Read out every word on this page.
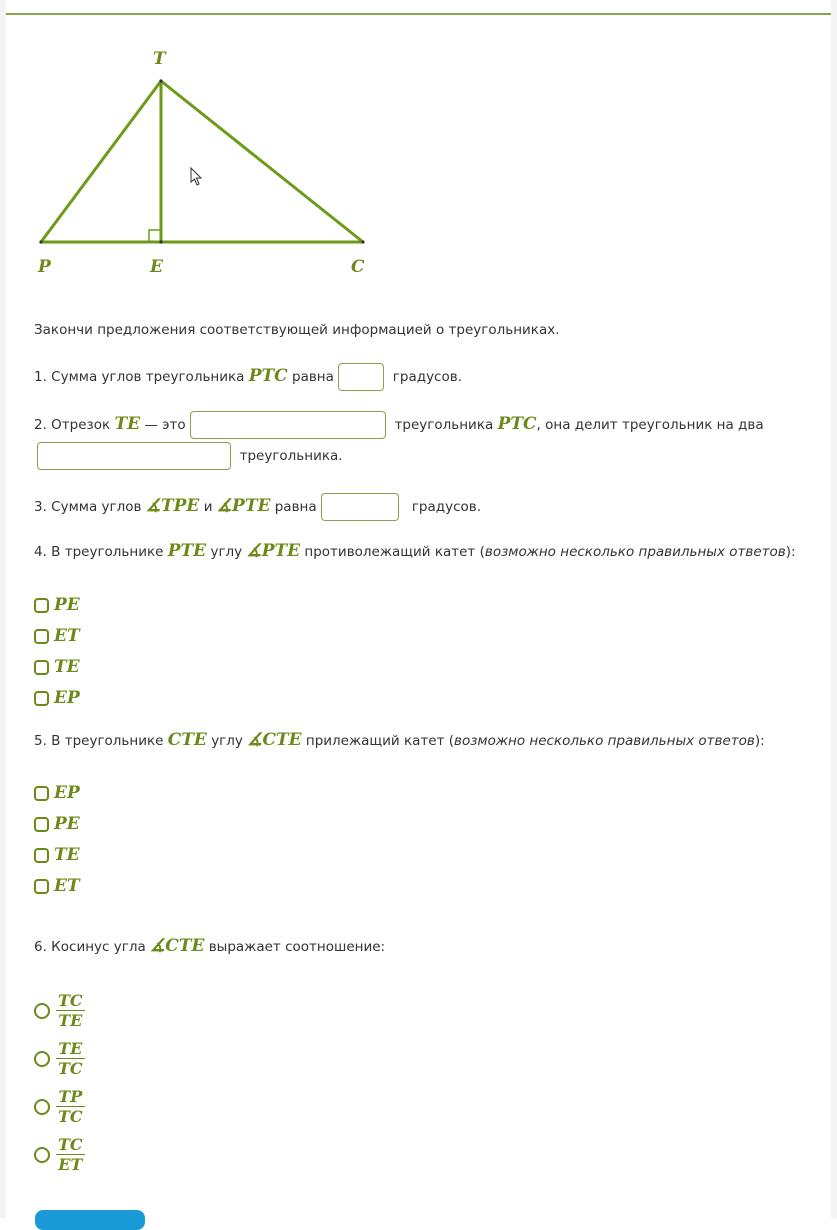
T
P	E	C
Закончи предложения соответствующей информацией о треугольниках.
1. Сумма углов треугольника PTC равна	градусов.
2. Отрезок TE — это	треугольника PTC, она делит треугольник на два
треугольника.
3. Сумма углов ∡TPE и ∡PTE равна	градусов.
4. В треугольнике PTE углу ∡PTE противолежащий катет (возможно несколько правильных ответов):
PE
ET
TE
EP
5. В треугольнике CTE углу ∡CTE прилежащий катет (возможно несколько правильных ответов):
EP
PE
TE
ET
6. Косинус угла ∡CTE выражает соотношение:
$\frac{TC}{TE}$
$\frac{TE}{TC}$
$\frac{TP}{TC}$
$\frac{TC}{ET}$
